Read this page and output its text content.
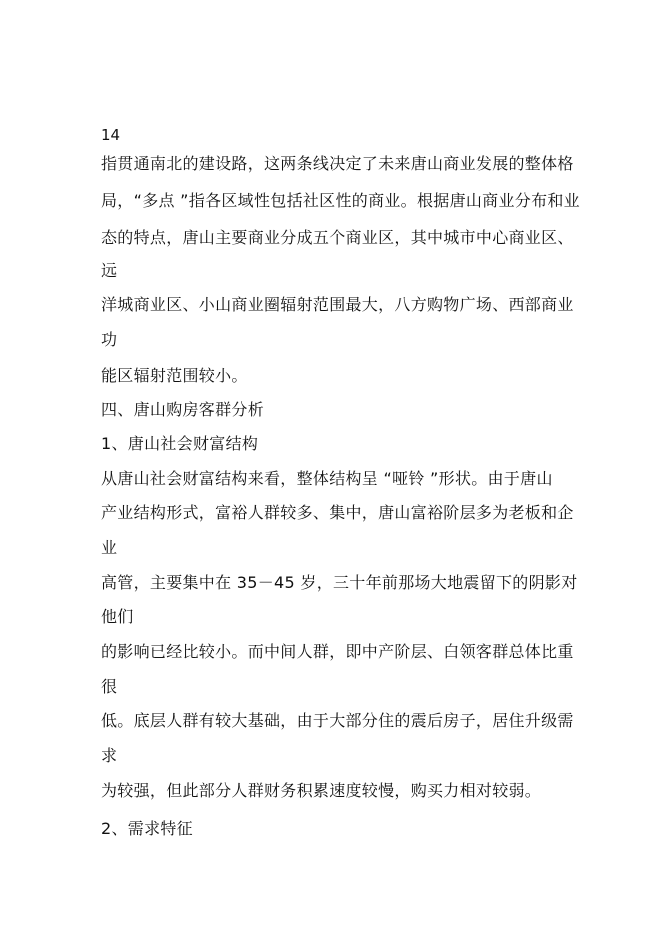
14
指贯通南北的建设路，这两条线决定了未来唐山商业发展的整体格
局，“多点 ”指各区域性包括社区性的商业。根据唐山商业分布和业
态的特点，唐山主要商业分成五个商业区，其中城市中心商业区、
远
洋城商业区、小山商业圈辐射范围最大，八方购物广场、西部商业
功
能区辐射范围较小。
四、唐山购房客群分析
1、唐山社会财富结构
从唐山社会财富结构来看，整体结构呈 “哑铃 ”形状。由于唐山
产业结构形式，富裕人群较多、集中，唐山富裕阶层多为老板和企
业
高管，主要集中在 35－45 岁，三十年前那场大地震留下的阴影对
他们
的影响已经比较小。而中间人群，即中产阶层、白领客群总体比重
很
低。底层人群有较大基础，由于大部分住的震后房子，居住升级需
求
为较强，但此部分人群财务积累速度较慢，购买力相对较弱。
2、需求特征
